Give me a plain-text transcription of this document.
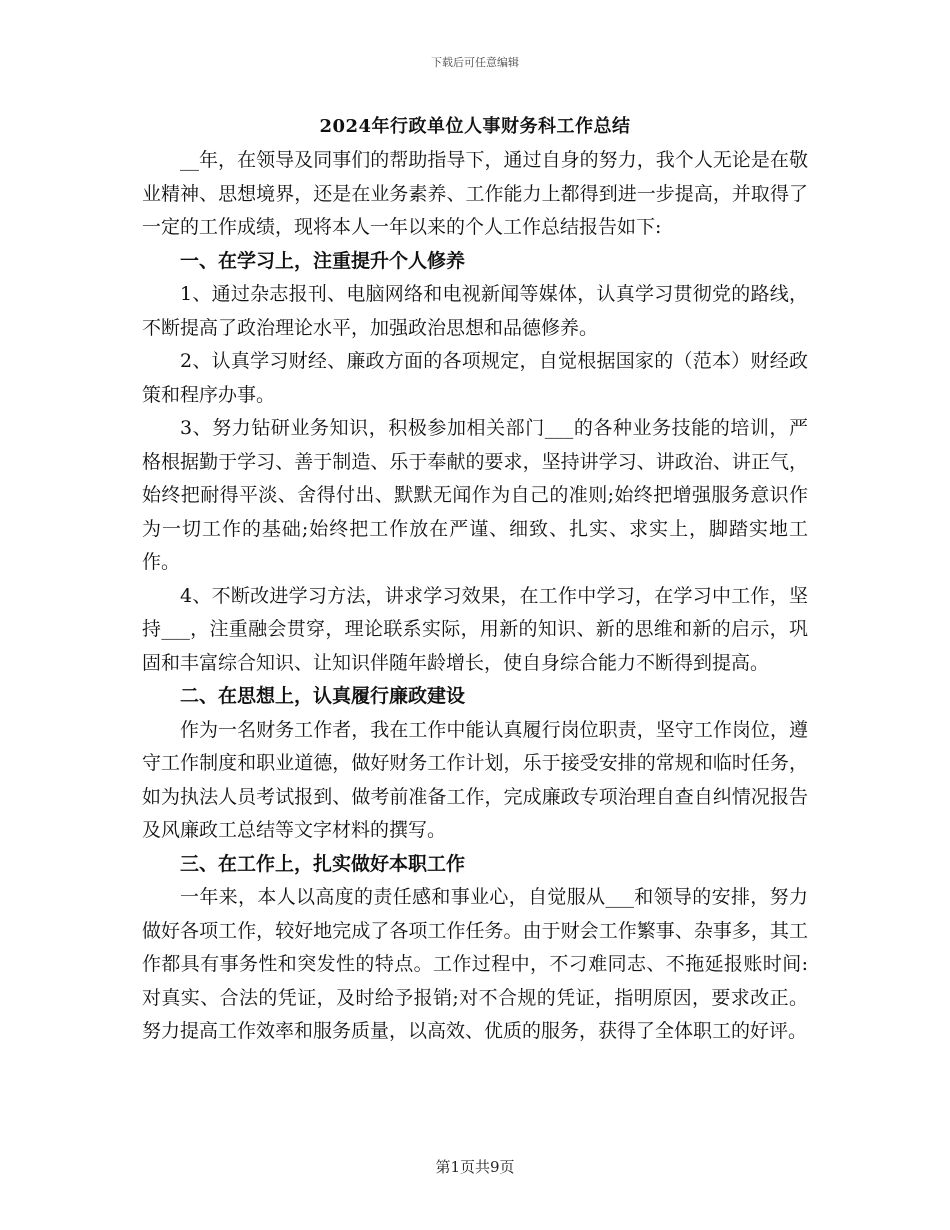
下载后可任意编辑
2024年行政单位人事财务科工作总结

__年，在领导及同事们的帮助指导下，通过自身的努力，我个人无论是在敬业精神、思想境界，还是在业务素养、工作能力上都得到进一步提高，并取得了一定的工作成绩，现将本人一年以来的个人工作总结报告如下:

一、在学习上，注重提升个人修养

1、通过杂志报刊、电脑网络和电视新闻等媒体，认真学习贯彻党的路线，不断提高了政治理论水平，加强政治思想和品德修养。

2、认真学习财经、廉政方面的各项规定，自觉根据国家的（范本）财经政策和程序办事。

3、努力钻研业务知识，积极参加相关部门___的各种业务技能的培训，严格根据勤于学习、善于制造、乐于奉献的要求，坚持讲学习、讲政治、讲正气，始终把耐得平淡、舍得付出、默默无闻作为自己的准则;始终把增强服务意识作为一切工作的基础;始终把工作放在严谨、细致、扎实、求实上，脚踏实地工作。

4、不断改进学习方法，讲求学习效果，在工作中学习，在学习中工作，坚持___，注重融会贯穿，理论联系实际，用新的知识、新的思维和新的启示，巩固和丰富综合知识、让知识伴随年龄增长，使自身综合能力不断得到提高。

二、在思想上，认真履行廉政建设

作为一名财务工作者，我在工作中能认真履行岗位职责，坚守工作岗位，遵守工作制度和职业道德，做好财务工作计划，乐于接受安排的常规和临时任务，如为执法人员考试报到、做考前准备工作，完成廉政专项治理自查自纠情况报告及风廉政工总结等文字材料的撰写。

三、在工作上，扎实做好本职工作

一年来，本人以高度的责任感和事业心，自觉服从___和领导的安排，努力做好各项工作，较好地完成了各项工作任务。由于财会工作繁事、杂事多，其工作都具有事务性和突发性的特点。工作过程中，不刁难同志、不拖延报账时间:对真实、合法的凭证，及时给予报销;对不合规的凭证，指明原因，要求改正。努力提高工作效率和服务质量，以高效、优质的服务，获得了全体职工的好评。

第1页共9页
